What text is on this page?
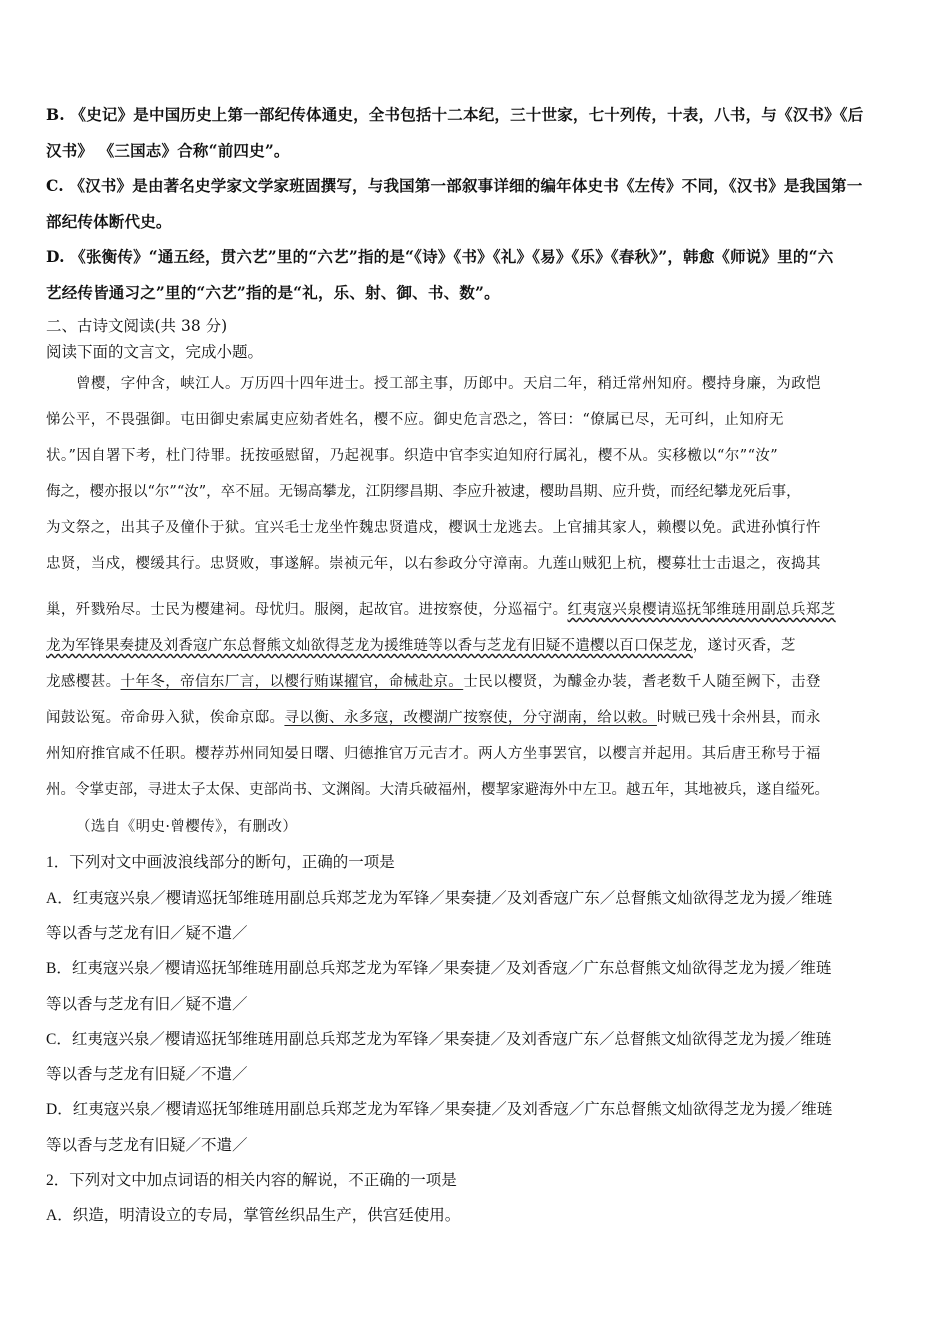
B. 《史记》是中国历史上第一部纪传体通史，全书包括十二本纪，三十世家，七十列传，十表，八书，与《汉书》《后
汉书》 《三国志》合称“前四史”。
C. 《汉书》是由著名史学家文学家班固撰写，与我国第一部叙事详细的编年体史书《左传》不同，《汉书》是我国第一
部纪传体断代史。
D. 《张衡传》“通五经，贯六艺”里的“六艺”指的是“《诗》《书》《礼》《易》《乐》《春秋》”，韩愈《师说》里的“六
艺经传皆通习之”里的“六艺”指的是“礼，乐、射、御、书、数”。
二、古诗文阅读(共 38 分)
阅读下面的文言文，完成小题。
曾樱，字仲含，峡江人。万历四十四年进士。授工部主事，历郎中。天启二年，稍迁常州知府。樱持身廉，为政恺
悌公平，不畏强御。屯田御史索属吏应劾者姓名，樱不应。御史危言恐之，答曰：“僚属已尽，无可纠，止知府无
状。”因自署下考，杜门待罪。抚按亟慰留，乃起视事。织造中官李实迫知府行属礼，樱不从。实移檄以“尔”“汝”
侮之，樱亦报以“尔”“汝”，卒不屈。无锡高攀龙，江阴缪昌期、李应升被逮，樱助昌期、应升赀，而经纪攀龙死后事，
为文祭之，出其子及僮仆于狱。宜兴毛士龙坐忤魏忠贤遣戍，樱讽士龙逃去。上官捕其家人，赖樱以免。武进孙慎行忤
忠贤，当戍，樱缓其行。忠贤败，事遂解。崇祯元年，以右参政分守漳南。九莲山贼犯上杭，樱募壮士击退之，夜捣其
巢，歼戮殆尽。士民为樱建祠。母忧归。服阕，起故官。进按察使，分巡福宁。红夷寇兴泉樱请巡抚邹维琏用副总兵郑芝
龙为军锋果奏捷及刘香寇广东总督熊文灿欲得芝龙为援维琏等以香与芝龙有旧疑不遣樱以百口保芝龙，遂讨灭香，芝
龙感樱甚。十年冬，帝信东厂言，以樱行贿谋擢官，命械赴京。士民以樱贤，为醵金办装，耆老数千人随至阙下，击登
闻鼓讼冤。帝命毋入狱，俟命京邸。寻以衡、永多寇，改樱湖广按察使，分守湖南，给以敕。时贼已残十余州县，而永
州知府推官咸不任职。樱荐苏州同知晏日曙、归德推官万元吉才。两人方坐事罢官，以樱言并起用。其后唐王称号于福
州。令掌吏部，寻进太子太保、吏部尚书、文渊阁。大清兵破福州，樱挈家避海外中左卫。越五年，其地被兵，遂自缢死。
（选自《明史·曾樱传》，有删改）
1．下列对文中画波浪线部分的断句，正确的一项是
A．红夷寇兴泉／樱请巡抚邹维琏用副总兵郑芝龙为军锋／果奏捷／及刘香寇广东／总督熊文灿欲得芝龙为援／维琏
等以香与芝龙有旧／疑不遣／
B．红夷寇兴泉／樱请巡抚邹维琏用副总兵郑芝龙为军锋／果奏捷／及刘香寇／广东总督熊文灿欲得芝龙为援／维琏
等以香与芝龙有旧／疑不遣／
C．红夷寇兴泉／樱请巡抚邹维琏用副总兵郑芝龙为军锋／果奏捷／及刘香寇广东／总督熊文灿欲得芝龙为援／维琏
等以香与芝龙有旧疑／不遣／
D．红夷寇兴泉／樱请巡抚邹维琏用副总兵郑芝龙为军锋／果奏捷／及刘香寇／广东总督熊文灿欲得芝龙为援／维琏
等以香与芝龙有旧疑／不遣／
2．下列对文中加点词语的相关内容的解说，不正确的一项是
A．织造，明清设立的专局，掌管丝织品生产，供宫廷使用。
